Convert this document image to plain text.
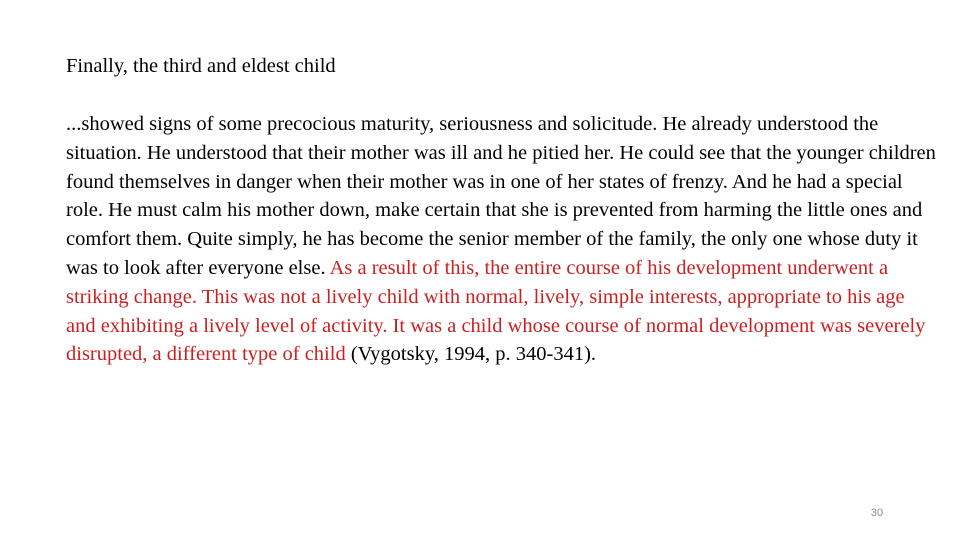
Finally, the third and eldest child

...showed signs of some precocious maturity, seriousness and solicitude. He already understood the situation. He understood that their mother was ill and he pitied her. He could see that the younger children found themselves in danger when their mother was in one of her states of frenzy. And he had a special role. He must calm his mother down, make certain that she is prevented from harming the little ones and comfort them. Quite simply, he has become the senior member of the family, the only one whose duty it was to look after everyone else. As a result of this, the entire course of his development underwent a striking change. This was not a lively child with normal, lively, simple interests, appropriate to his age and exhibiting a lively level of activity. It was a child whose course of normal development was severely disrupted, a different type of child (Vygotsky, 1994, p. 340-341).

30
